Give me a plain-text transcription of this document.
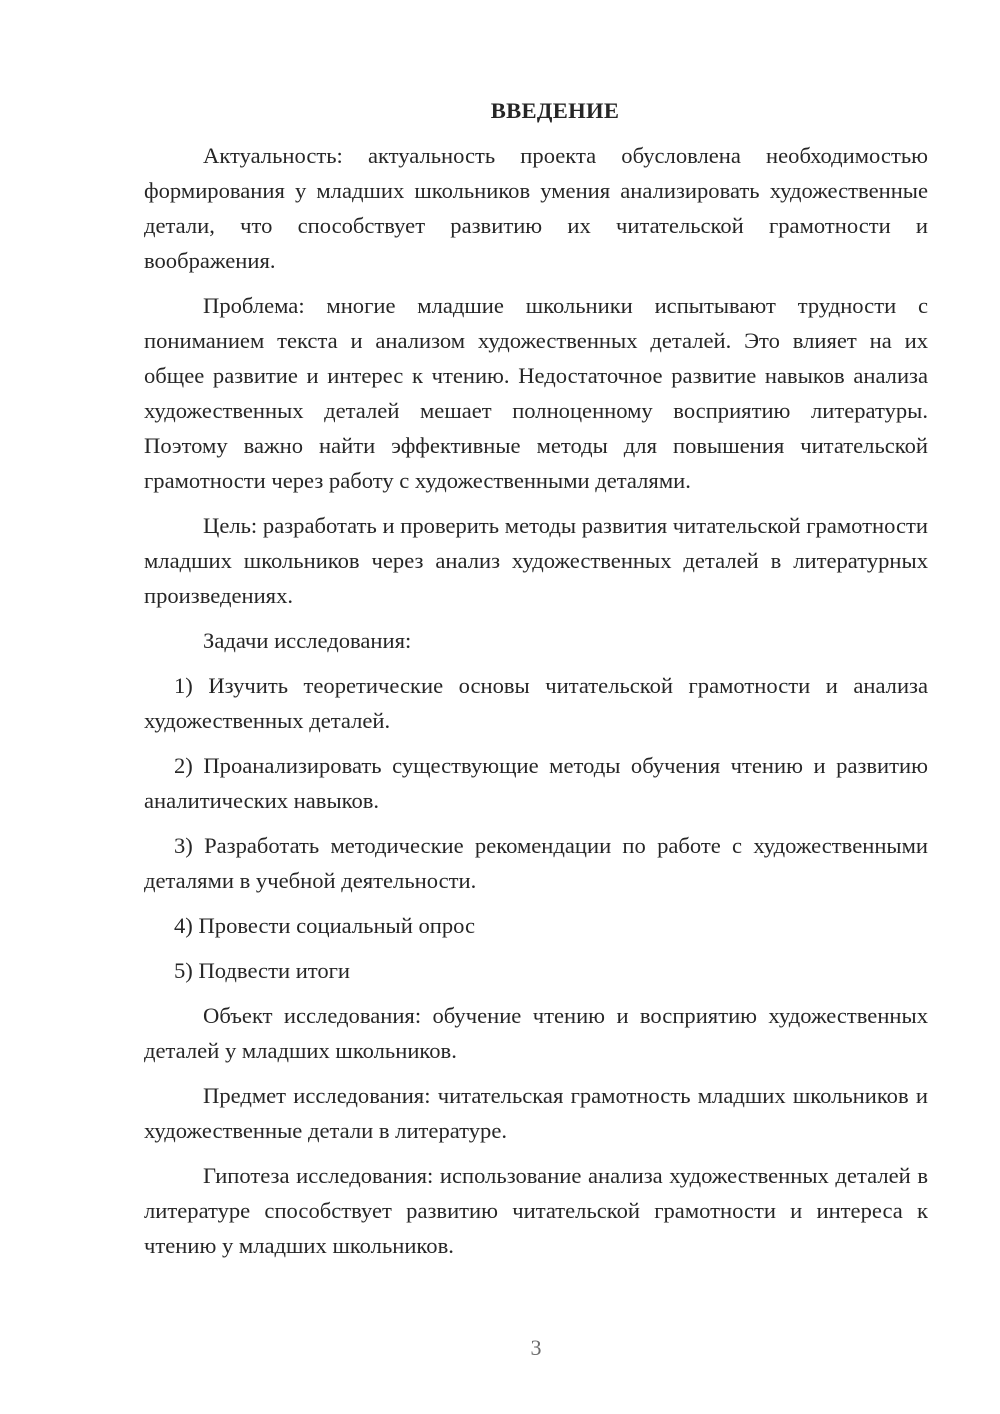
ВВЕДЕНИЕ

Актуальность: актуальность проекта обусловлена необходимостью формирования у младших школьников умения анализировать художественные детали, что способствует развитию их читательской грамотности и воображения.

Проблема: многие младшие школьники испытывают трудности с пониманием текста и анализом художественных деталей. Это влияет на их общее развитие и интерес к чтению. Недостаточное развитие навыков анализа художественных деталей мешает полноценному восприятию литературы. Поэтому важно найти эффективные методы для повышения читательской грамотности через работу с художественными деталями.

Цель: разработать и проверить методы развития читательской грамотности младших школьников через анализ художественных деталей в литературных произведениях.

Задачи исследования:

1) Изучить теоретические основы читательской грамотности и анализа художественных деталей.

2) Проанализировать существующие методы обучения чтению и развитию аналитических навыков.

3) Разработать методические рекомендации по работе с художественными деталями в учебной деятельности.

4) Провести социальный опрос

5) Подвести итоги

Объект исследования: обучение чтению и восприятию художественных деталей у младших школьников.

Предмет исследования: читательская грамотность младших школьников и художественные детали в литературе.

Гипотеза исследования: использование анализа художественных деталей в литературе способствует развитию читательской грамотности и интереса к чтению у младших школьников.

3
